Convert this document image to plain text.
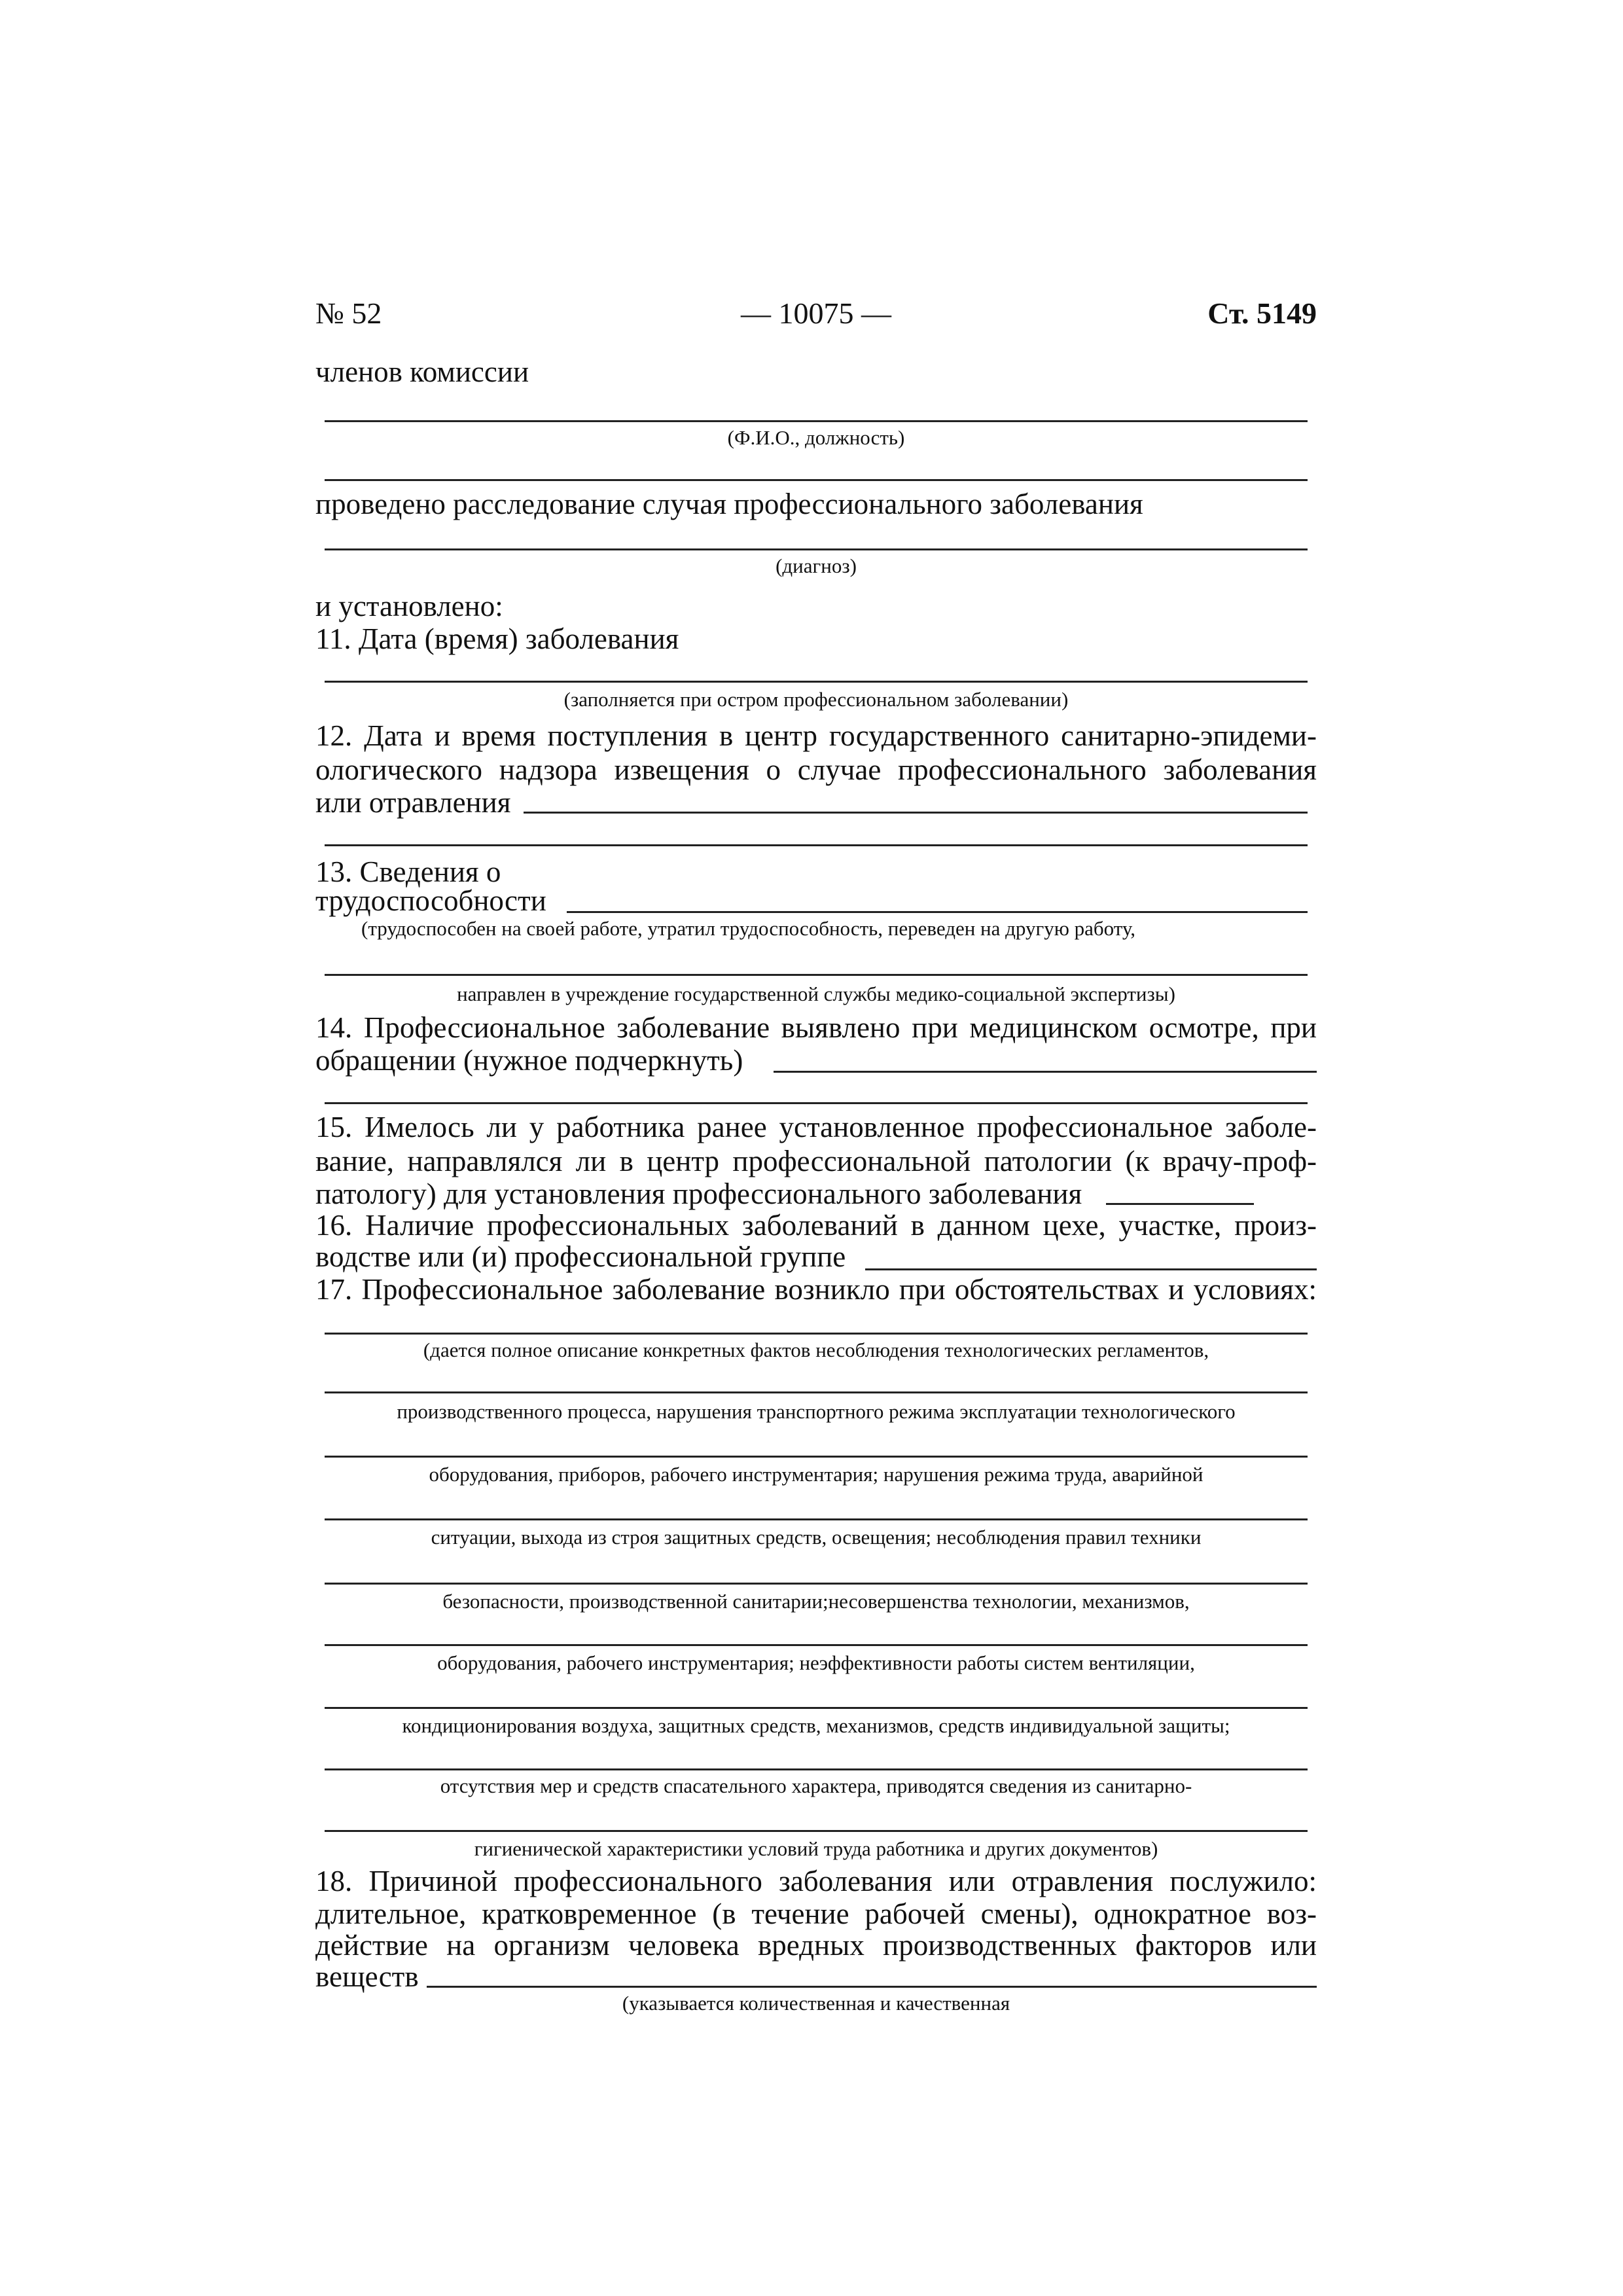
№ 52	— 10075 —	Ст. 5149
членов комиссии
(Ф.И.О., должность)
проведено расследование случая профессионального заболевания
(диагноз)
и установлено:
11. Дата (время) заболевания
(заполняется при остром профессиональном заболевании)
12. Дата и время поступления в центр государственного санитарно-эпидеми-
ологического надзора извещения о случае профессионального заболевания
или отравления
13. Сведения о
трудоспособности
(трудоспособен на своей работе, утратил трудоспособность, переведен на другую работу,
направлен в учреждение государственной службы медико-социальной экспертизы)
14. Профессиональное заболевание выявлено при медицинском осмотре, при
обращении (нужное подчеркнуть)
15. Имелось ли у работника ранее установленное профессиональное заболе-
вание, направлялся ли в центр профессиональной патологии (к врачу-проф-
патологу) для установления профессионального заболевания
16. Наличие профессиональных заболеваний в данном цехе, участке, произ-
водстве или (и) профессиональной группе
17. Профессиональное заболевание возникло при обстоятельствах и условиях:
(дается полное описание конкретных фактов несоблюдения технологических регламентов,
производственного процесса, нарушения транспортного режима эксплуатации технологического
оборудования, приборов, рабочего инструментария; нарушения режима труда, аварийной
ситуации, выхода из строя защитных средств, освещения; несоблюдения правил техники
безопасности, производственной санитарии;несовершенства технологии, механизмов,
оборудования, рабочего инструментария; неэффективности работы систем вентиляции,
кондиционирования воздуха, защитных средств, механизмов, средств индивидуальной защиты;
отсутствия мер и средств спасательного характера, приводятся сведения из санитарно-
гигиенической характеристики условий труда работника и других документов)
18. Причиной профессионального заболевания или отравления послужило:
длительное, кратковременное (в течение рабочей смены), однократное воз-
действие на организм человека вредных производственных факторов или
веществ
(указывается количественная и качественная
